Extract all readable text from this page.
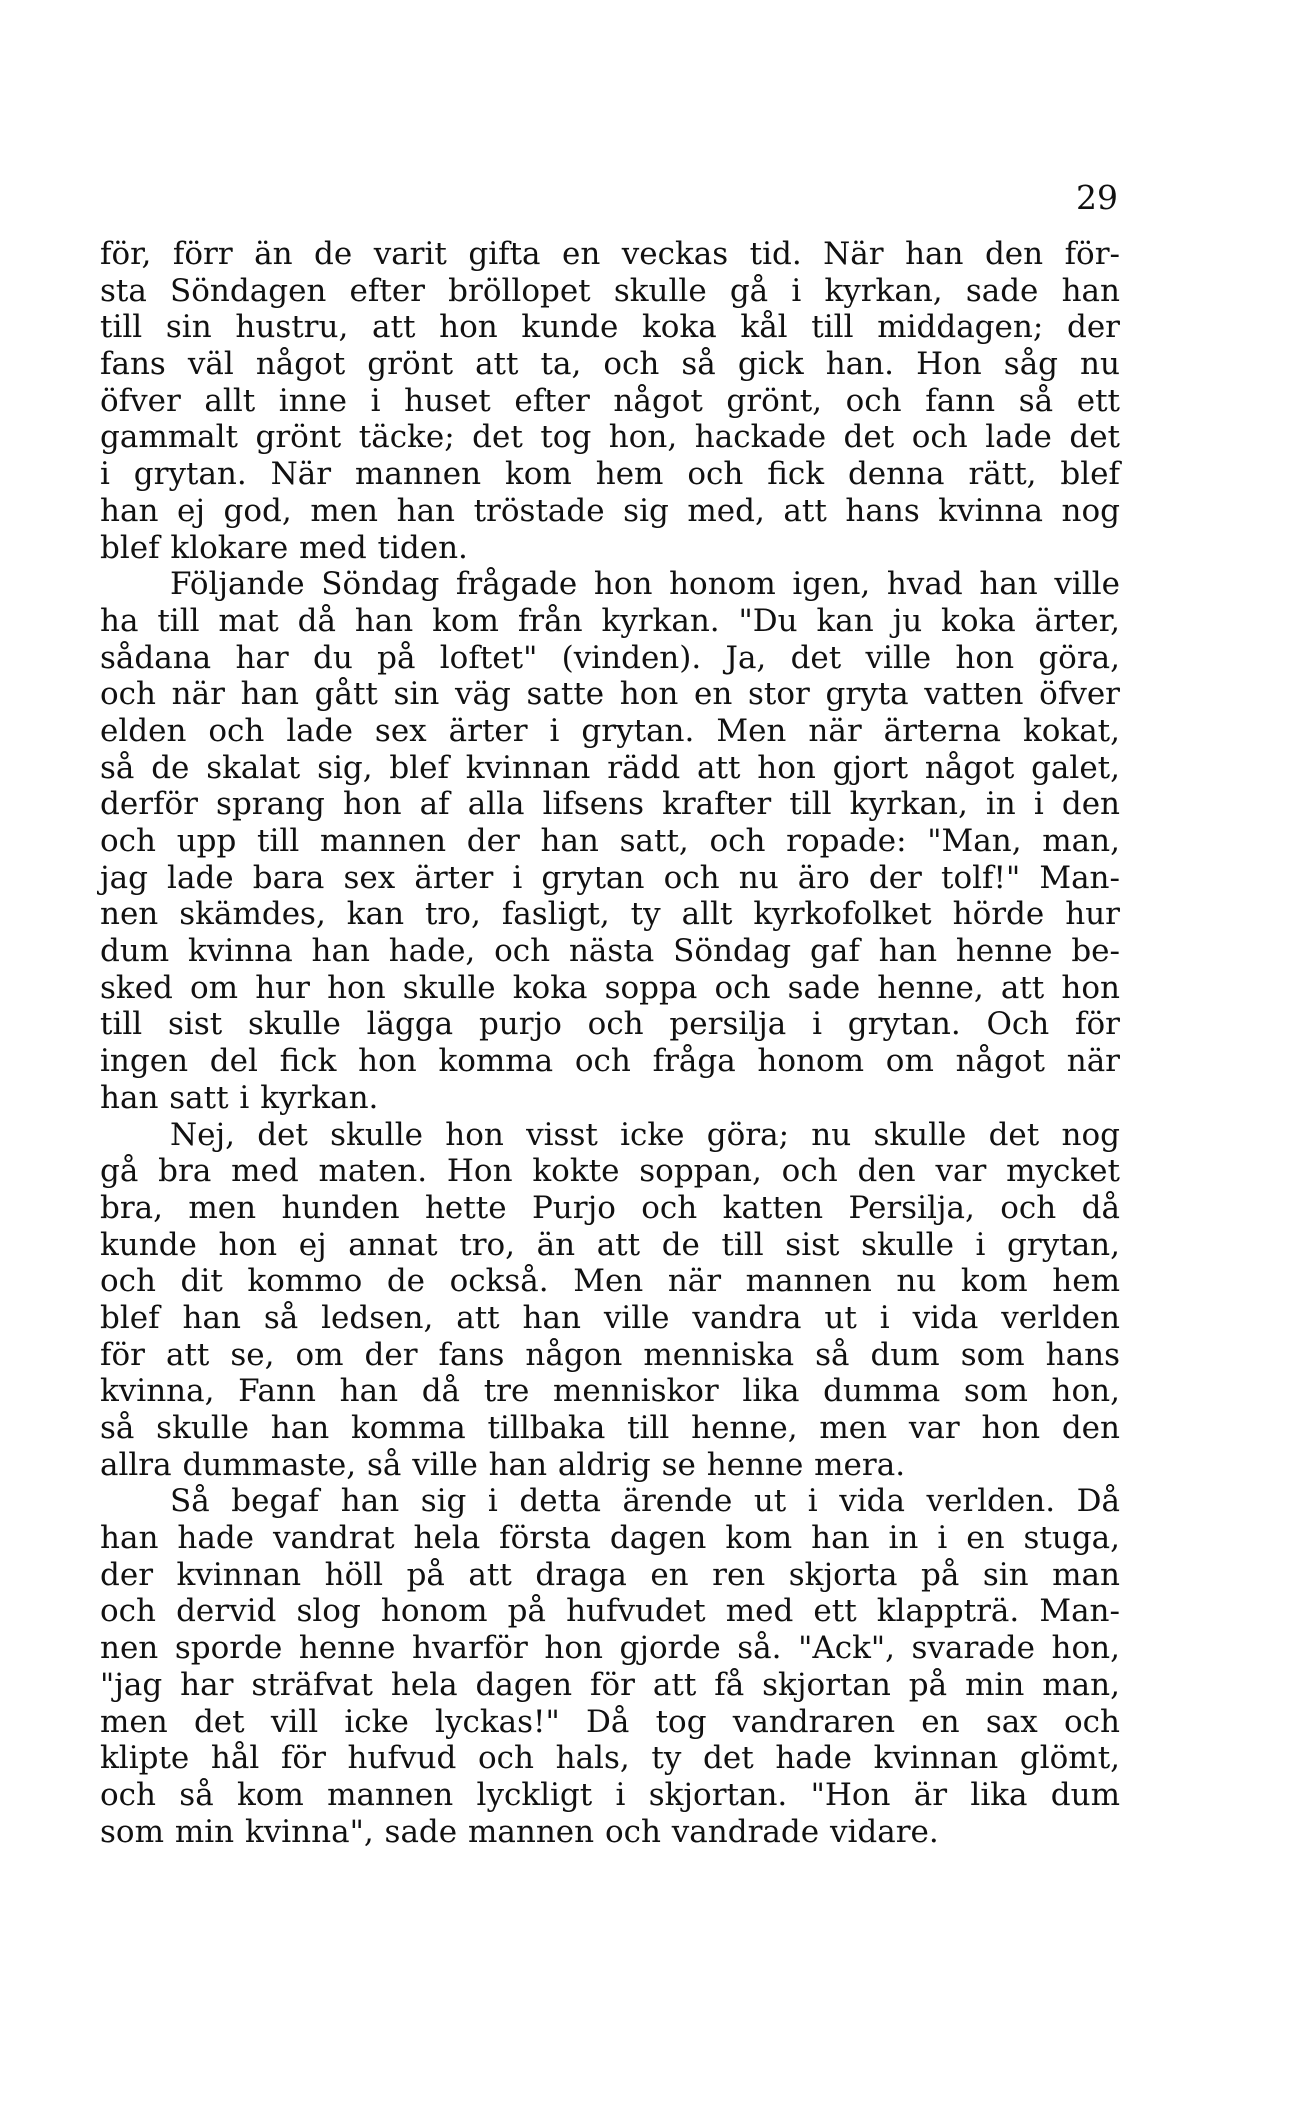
29
för, förr än de varit gifta en veckas tid. När han den för-
sta Söndagen efter bröllopet skulle gå i kyrkan, sade han
till sin hustru, att hon kunde koka kål till middagen; der
fans väl något grönt att ta, och så gick han. Hon såg nu
öfver allt inne i huset efter något grönt, och fann så ett
gammalt grönt täcke; det tog hon, hackade det och lade det
i grytan. När mannen kom hem och fick denna rätt, blef
han ej god, men han tröstade sig med, att hans kvinna nog
blef klokare med tiden.
Följande Söndag frågade hon honom igen, hvad han ville
ha till mat då han kom från kyrkan. "Du kan ju koka ärter,
sådana har du på loftet" (vinden). Ja, det ville hon göra,
och när han gått sin väg satte hon en stor gryta vatten öfver
elden och lade sex ärter i grytan. Men när ärterna kokat,
så de skalat sig, blef kvinnan rädd att hon gjort något galet,
derför sprang hon af alla lifsens krafter till kyrkan, in i den
och upp till mannen der han satt, och ropade: "Man, man,
jag lade bara sex ärter i grytan och nu äro der tolf!" Man-
nen skämdes, kan tro, fasligt, ty allt kyrkofolket hörde hur
dum kvinna han hade, och nästa Söndag gaf han henne be-
sked om hur hon skulle koka soppa och sade henne, att hon
till sist skulle lägga purjo och persilja i grytan. Och för
ingen del fick hon komma och fråga honom om något när
han satt i kyrkan.
Nej, det skulle hon visst icke göra; nu skulle det nog
gå bra med maten. Hon kokte soppan, och den var mycket
bra, men hunden hette Purjo och katten Persilja, och då
kunde hon ej annat tro, än att de till sist skulle i grytan,
och dit kommo de också. Men när mannen nu kom hem
blef han så ledsen, att han ville vandra ut i vida verlden
för att se, om der fans någon menniska så dum som hans
kvinna, Fann han då tre menniskor lika dumma som hon,
så skulle han komma tillbaka till henne, men var hon den
allra dummaste, så ville han aldrig se henne mera.
Så begaf han sig i detta ärende ut i vida verlden. Då
han hade vandrat hela första dagen kom han in i en stuga,
der kvinnan höll på att draga en ren skjorta på sin man
och dervid slog honom på hufvudet med ett klappträ. Man-
nen sporde henne hvarför hon gjorde så. "Ack", svarade hon,
"jag har sträfvat hela dagen för att få skjortan på min man,
men det vill icke lyckas!" Då tog vandraren en sax och
klipte hål för hufvud och hals, ty det hade kvinnan glömt,
och så kom mannen lyckligt i skjortan. "Hon är lika dum
som min kvinna", sade mannen och vandrade vidare.
